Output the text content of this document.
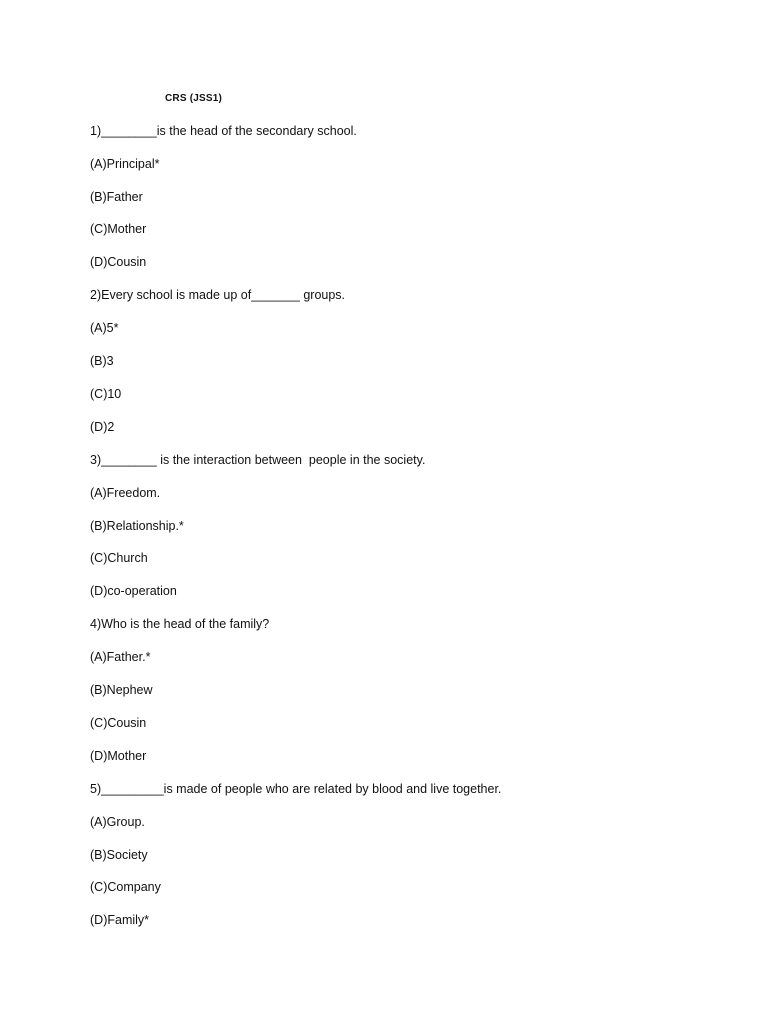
CRS (JSS1)
1)________is the head of the secondary school.
(A)Principal*
(B)Father
(C)Mother
(D)Cousin
2)Every school is made up of_______ groups.
(A)5*
(B)3
(C)10
(D)2
3)________ is the interaction between  people in the society.
(A)Freedom.
(B)Relationship.*
(C)Church
(D)co-operation
4)Who is the head of the family?
(A)Father.*
(B)Nephew
(C)Cousin
(D)Mother
5)_________is made of people who are related by blood and live together.
(A)Group.
(B)Society
(C)Company
(D)Family*
